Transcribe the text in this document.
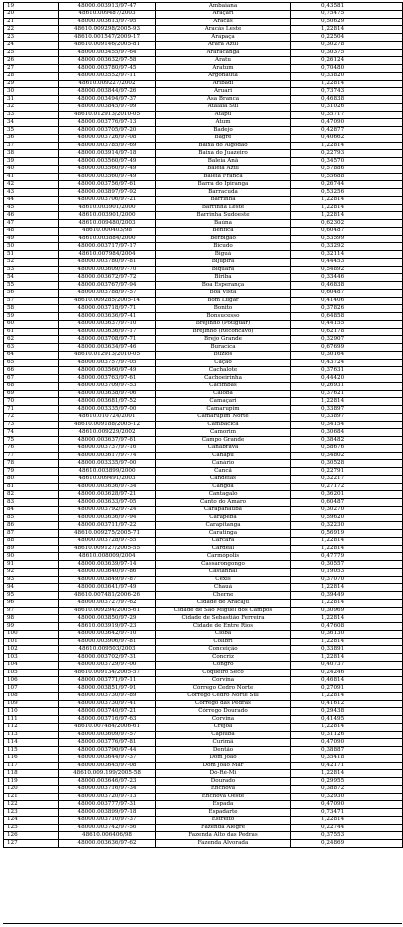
19	48000.003913/97-47	Ambaiana	0,43581
20	48610.009487/2003	Araçari	0,75475
21	48000.003613/97-95	Aracás	0,50629
22	48610.009298/2005-93	Aracás Leste	1,22814
23	48610.001547/2009-17	Arapaça	0,22504
24	48610.009146/2005-81	Arara Azul	0,30278
25	48000.003455/97-64	Araracanga	0,30375
26	48000.003632/97-58	Aratu	0,26124
27	48000.003780/97-45	Aratum	0,70480
28	48000.003552/97-11	Argonauta	0,33820
29	48610.009227/2002	Aribadi	1,22814
30	48000.003844/97-26	Aruari	0,73743
31	48000.003494/97-37	Asa Branca	0,46838
32	48000.003845/97-99	Atalaia Sul	0,31026
33	48610.012913/2010-05	Atapu	0,35717
34	48000.003776/97-13	Atum	0,47090
35	48000.003705/97-20	Badejo	0,42877
36	48000.003726/97-08	Bagre	0,40662
37	48000.003785/97-69	Baixa do Algodão	1,22814
38	48000.003914/97-18	Baixa do Juazeiro	0,22793
39	48000.003560/97-49	Baleia Anã	0,34570
40	48000.003560/97-49	Baleia Azul	0,57886
41	48000.003560/97-49	Baleia Franca	0,55688
42	48000.003756/97-61	Barra do Ipiranga	0,26744
43	48000.003897/97-92	Barracuda	0,53256
44	48000.003706/97-21	Barrinha	1,22814
45	48610.003901/2000	Barrinha Leste	1,22814
46	48610.003901/2000	Barrinha Sudoeste	1,22814
47	48610.009480/2003	Baúna	0,62302
48	48610.000403/98	Benfica	0,60487
49	48610.003884/2000	Berbigão	0,53599
50	48000.003717/97-17	Bicudo	0,33292
51	48610.007984/2004	Biguá	0,32114
52	48000.003780/97-81	Bijupirá	0,44453
53	48000.003609/97-70	Biquara	0,54892
54	48000.003672/97-72	Biriba	0,33446
55	48000.003767/97-94	Boa Esperança	0,46838
56	48000.003788/97-57	Boa Vista	0,60487
57	48610.009285/2005-14	Bom Lugar	0,41406
58	48000.003718/97-71	Bonito	0,37826
59	48000.003636/97-41	Bonsucesso	0,64858
60	48000.003637/97-10	Brejinho (Potiguar)	0,44155
61	48000.003636/97-17	Brejinho (Recôncavo)	0,62178
62	48000.003708/97-71	Brejo Grande	0,32907
63	48000.003634/97-46	Buracica	0,67699
64	48610.012913/2010-05	Búzios	0,30164
65	48000.003757/97-05	Cação	0,43724
66	48000.003560/97-49	Cachalote	0,37631
67	48000.003763/97-61	Cachoeirinha	0,44420
68	48000.003709/97-53	Cacimbas	0,26931
69	48000.003638/97-06	Caioba	0,37621
70	48000.003681/97-52	Camaçari	1,22814
71	48000.003335/97-00	Camarupim	0,33897
72	48610.010724/2001	Camarupim Norte	0,33897
73	48610.009188/2005-12	Cambacica	0,34154
74	48610.009229/2002	Camorim	0,30684
75	48000.003637/97-61	Campo Grande	0,38482
76	48000.003737/97-16	Canabrava	0,58676
77	48000.003617/97-74	Canapu	0,34802
78	48000.003335/97-00	Canário	0,30528
79	48610.003899/2000	Cancã	0,22791
80	48610.009491/2003	Candeias	0,32217
81	48000.003636/97-34	Cangoá	0,27172
82	48000.003628/97-21	Cantagalo	0,36201
83	48000.003633/97-05	Canto do Amaro	0,60487
84	48000.003792/97-24	Carapanaúba	0,30270
85	48000.003636/97-94	Carapeba	0,59620
86	48000.003711/97-22	Carapitanga	0,32230
87	48610.009275/2005-71	Caratinga	0,56919
88	48000.003728/97-55	Carcará	1,22814
89	48610.009127/2005-55	Cardeal	1,22814
90	48610.008009/2004	Carmópolis	0,47779
91	48000.003639/97-14	Cassarongongo	0,30557
92	48000.003640/97-86	Castanhal	0,19053
93	48000.003849/97-87	Cexis	0,37070
94	48000.003641/97-49	Chauá	1,22814
95	48610.007481/2006-26	Cherne	0,39449
96	48000.003727/97-62	Cidade de Aracaju	1,22814
97	48610.009294/2005-61	Cidade de São Miguel dos Campos	0,30969
98	48000.003850/97-29	Cidade de Sebastião Ferreira	1,22814
99	48610.003919/97-23	Cidade de Entre Rios	0,47608
100	48000.003642/97-10	Cioba	0,36130
101	48000.003906/97-81	Colibri	1,22814
102	48610.009503/2003	Conceição	0,33891
103	48000.003702/97-31	Concriz	1,22814
104	48000.003729/97-00	Congro	0,40737
105	48610.009134/2005-57	Coqueiro Seco	0,24246
106	48000.003771/97-11	Corvina	0,46814
107	48000.003851/97-91	Córrego Cedro Norte	0,27091
108	48000.003730/97-89	Córrego Cedro Norte Sul	1,22814
109	48000.003730/97-41	Córrego das Pedras	0,41612
110	48000.003740/97-21	Córrego Dourado	0,29438
111	48000.003716/97-63	Corvina	0,41495
112	48610.007484/2006-61	Crejoá	1,22814
113	48000.003609/97-57	Capiúba	0,31126
114	48000.003776/97-81	Curimã	0,47090
115	48000.003790/97-44	Dentão	0,38887
116	48000.003644/97-37	Dom João	0,35418
117	48000.003645/97-08	Dom João Mar	0,42171
118	48610.009.199/2005-58	Dó-Ré-Mi	1,22814
119	48000.003646/97-23	Dourado	0,29955
120	48000.003716/97-34	Enchova	0,38872
121	48000.003720/97-13	Enchova Oeste	0,32930
122	48000.003777/97-31	Espada	0,47090
123	48000.003899/97-18	Espadarte	0,73471
124	48000.003710/97-37	Estreito	1,22814
125	48000.003742/97-56	Fazenda Alegre	0,22744
126	48610.006406/98	Fazenda Alto das Pedras	0,37553
127	48000.003636/97-62	Fazenda Alvorada	0,24869
